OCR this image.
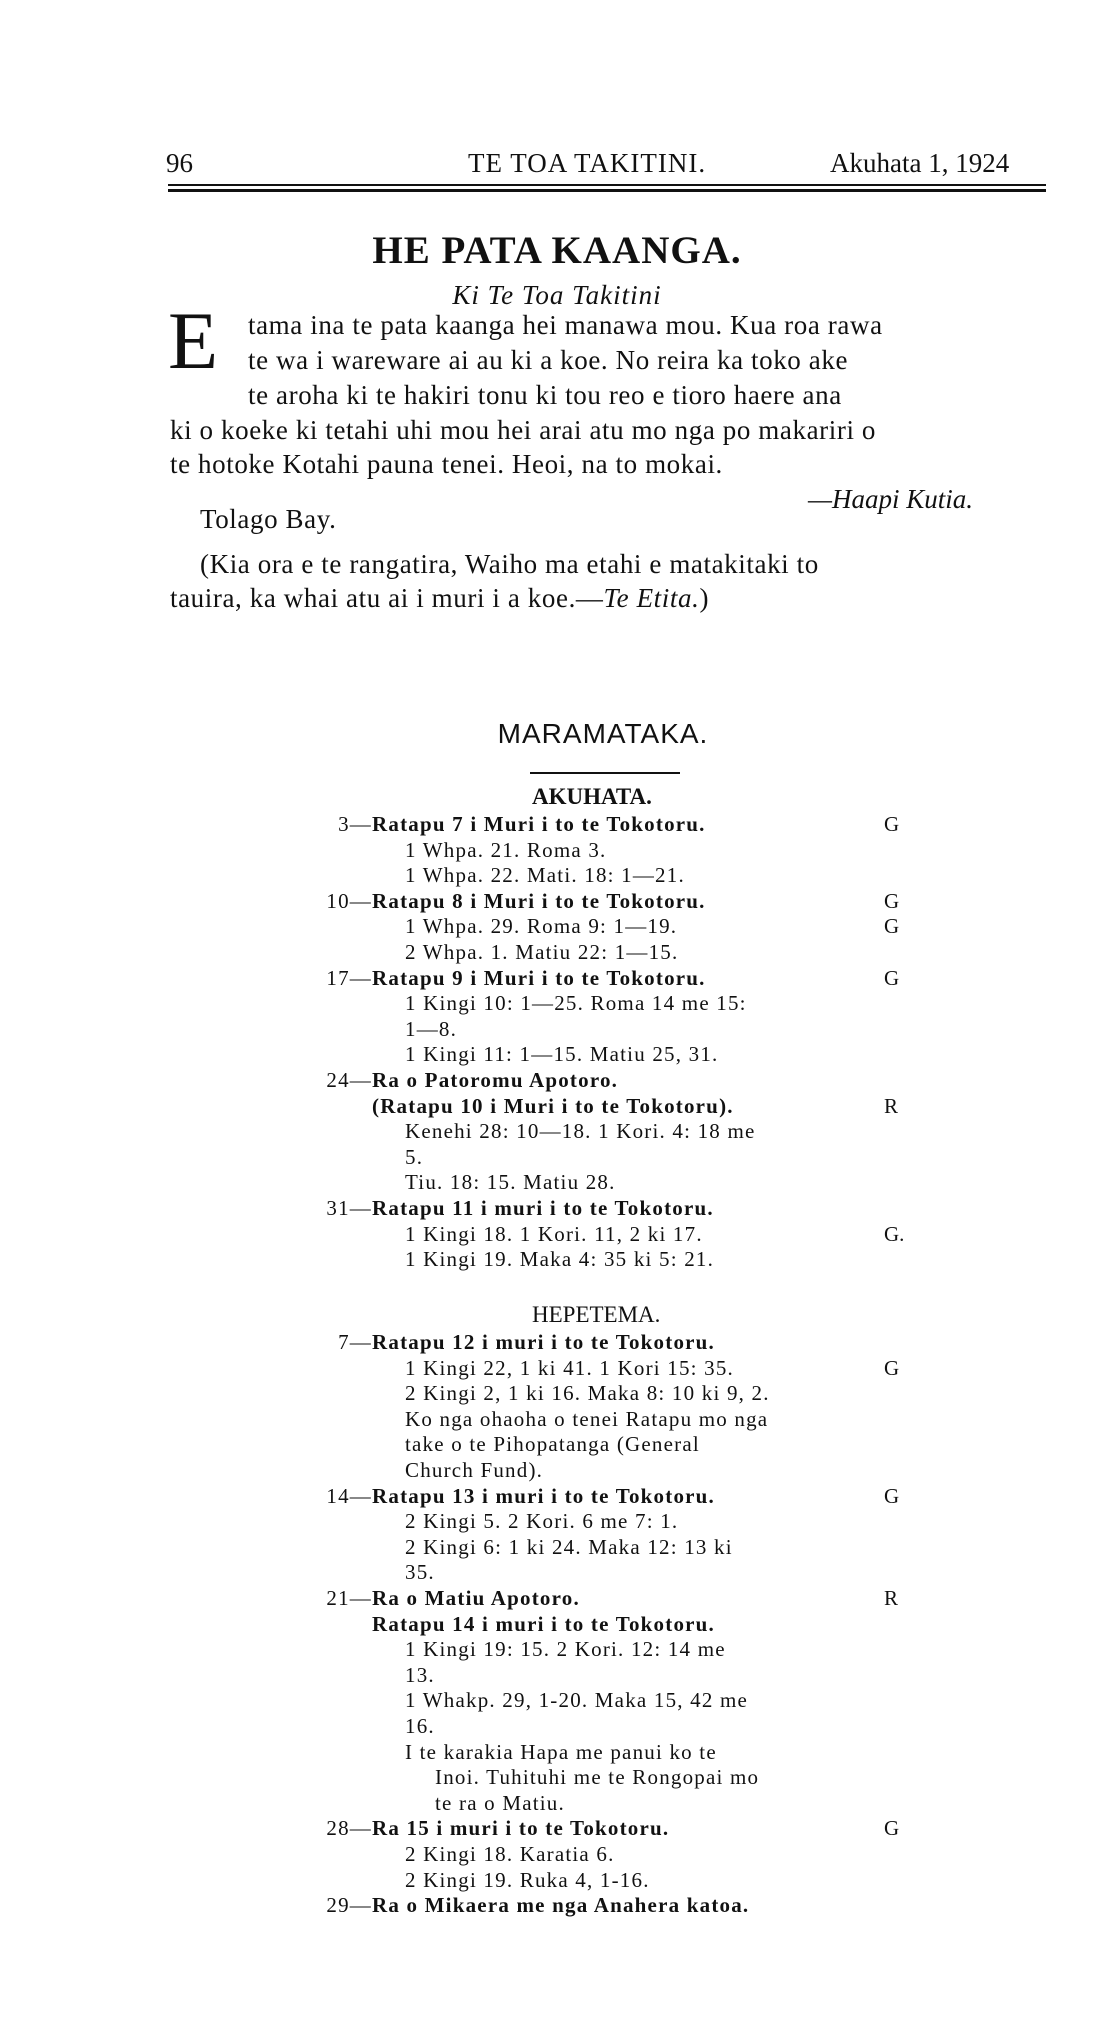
96	TE TOA TAKITINI.	Akuhata 1, 1924
HE PATA KAANGA.
Ki Te Toa Takitini
E tama ina te pata kaanga hei manawa mou. Kua roa rawa
te wa i wareware ai au ki a koe. No reira ka toko ake
te aroha ki te hakiri tonu ki tou reo e tioro haere ana
ki o koeke ki tetahi uhi mou hei arai atu mo nga po makariri o
te hotoke Kotahi pauna tenei. Heoi, na to mokai.
—Haapi Kutia.
Tolago Bay.
(Kia ora e te rangatira, Waiho ma etahi e matakitaki to
tauira, ka whai atu ai i muri i a koe.—Te Etita.)
MARAMATAKA.
AKUHATA.
3— Ratapu 7 i Muri i to te Tokotoru.	G
1 Whpa. 21. Roma 3.
1 Whpa. 22. Mati. 18: 1—21.
10— Ratapu 8 i Muri i to te Tokotoru.	G
1 Whpa. 29. Roma 9: 1—19.	G
2 Whpa. 1. Matiu 22: 1—15.
17— Ratapu 9 i Muri i to te Tokotoru.	G
1 Kingi 10: 1—25. Roma 14 me 15:
1—8.
1 Kingi 11: 1—15. Matiu 25, 31.
24— Ra o Patoromu Apotoro.
(Ratapu 10 i Muri i to te Tokotoru).	R
Kenehi 28: 10—18. 1 Kori. 4: 18 me
5.
Tiu. 18: 15. Matiu 28.
31— Ratapu 11 i muri i to te Tokotoru.
1 Kingi 18. 1 Kori. 11, 2 ki 17.	G.
1 Kingi 19. Maka 4: 35 ki 5: 21.
HEPETEMA.
7— Ratapu 12 i muri i to te Tokotoru.
1 Kingi 22, 1 ki 41. 1 Kori 15: 35.	G
2 Kingi 2, 1 ki 16. Maka 8: 10 ki 9, 2.
Ko nga ohaoha o tenei Ratapu mo nga
take o te Pihopatanga (General
Church Fund).
14— Ratapu 13 i muri i to te Tokotoru.	G
2 Kingi 5. 2 Kori. 6 me 7: 1.
2 Kingi 6: 1 ki 24. Maka 12: 13 ki
35.
21— Ra o Matiu Apotoro.	R
Ratapu 14 i muri i to te Tokotoru.
1 Kingi 19: 15. 2 Kori. 12: 14 me
13.
1 Whakp. 29, 1-20. Maka 15, 42 me
16.
I te karakia Hapa me panui ko te
Inoi. Tuhituhi me te Rongopai mo
te ra o Matiu.
28— Ra 15 i muri i to te Tokotoru.	G
2 Kingi 18. Karatia 6.
2 Kingi 19. Ruka 4, 1-16.
29— Ra o Mikaera me nga Anahera katoa.
